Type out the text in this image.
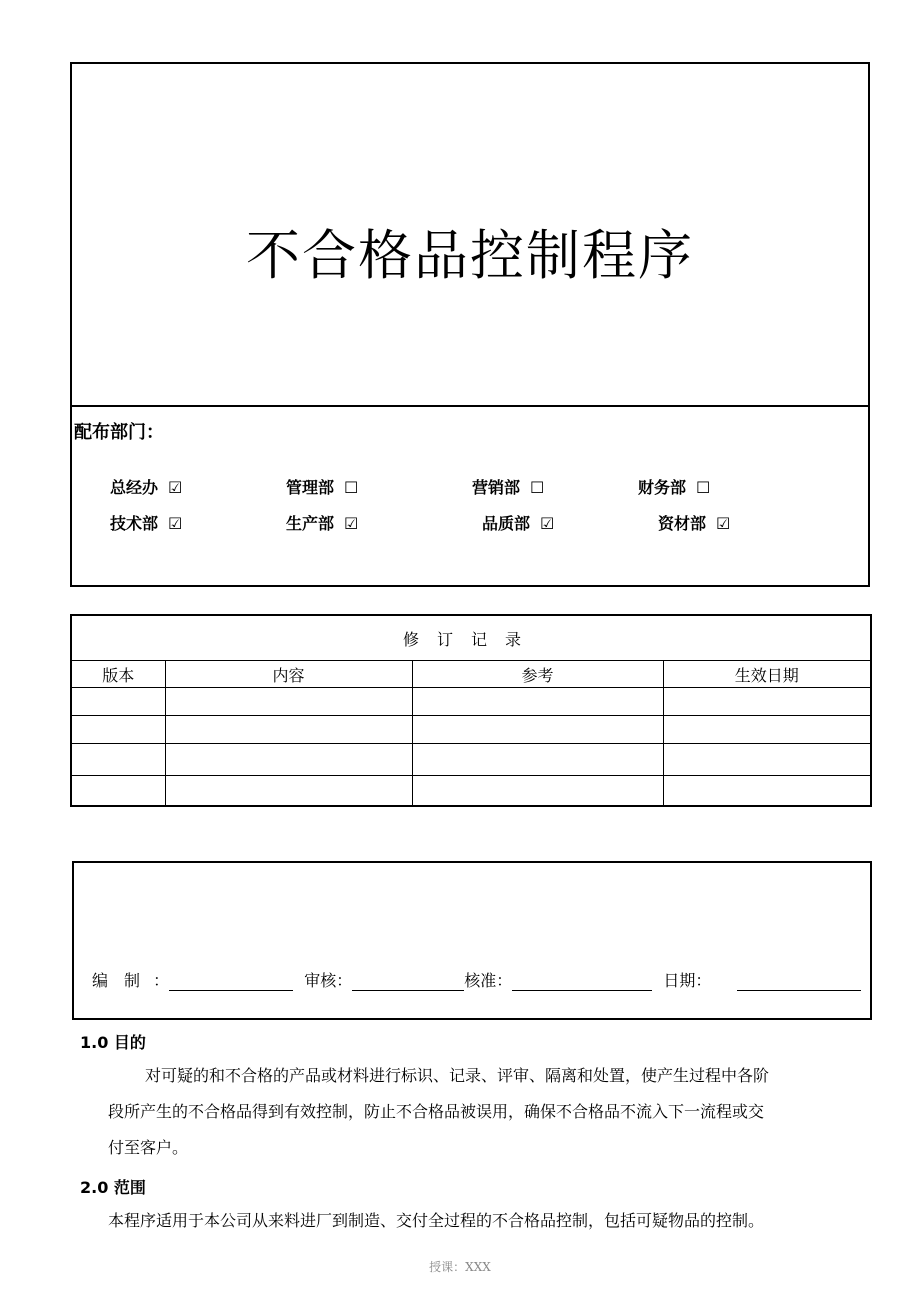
不合格品控制程序
配布部门：
总经办 ☑	管理部 ☐	营销部 ☐	财务部 ☐
技术部 ☑	生产部 ☑	品质部 ☑	资材部 ☑
修订记录			
版本	内容	参考	生效日期

编　制 ：	审核：	核准：	日期：
1.0 目的
对可疑的和不合格的产品或材料进行标识、记录、评审、隔离和处置，使产生过程中各阶
段所产生的不合格品得到有效控制，防止不合格品被误用，确保不合格品不流入下一流程或交
付至客户。
2.0 范围
本程序适用于本公司从来料进厂到制造、交付全过程的不合格品控制，包括可疑物品的控制。
授课：XXX
